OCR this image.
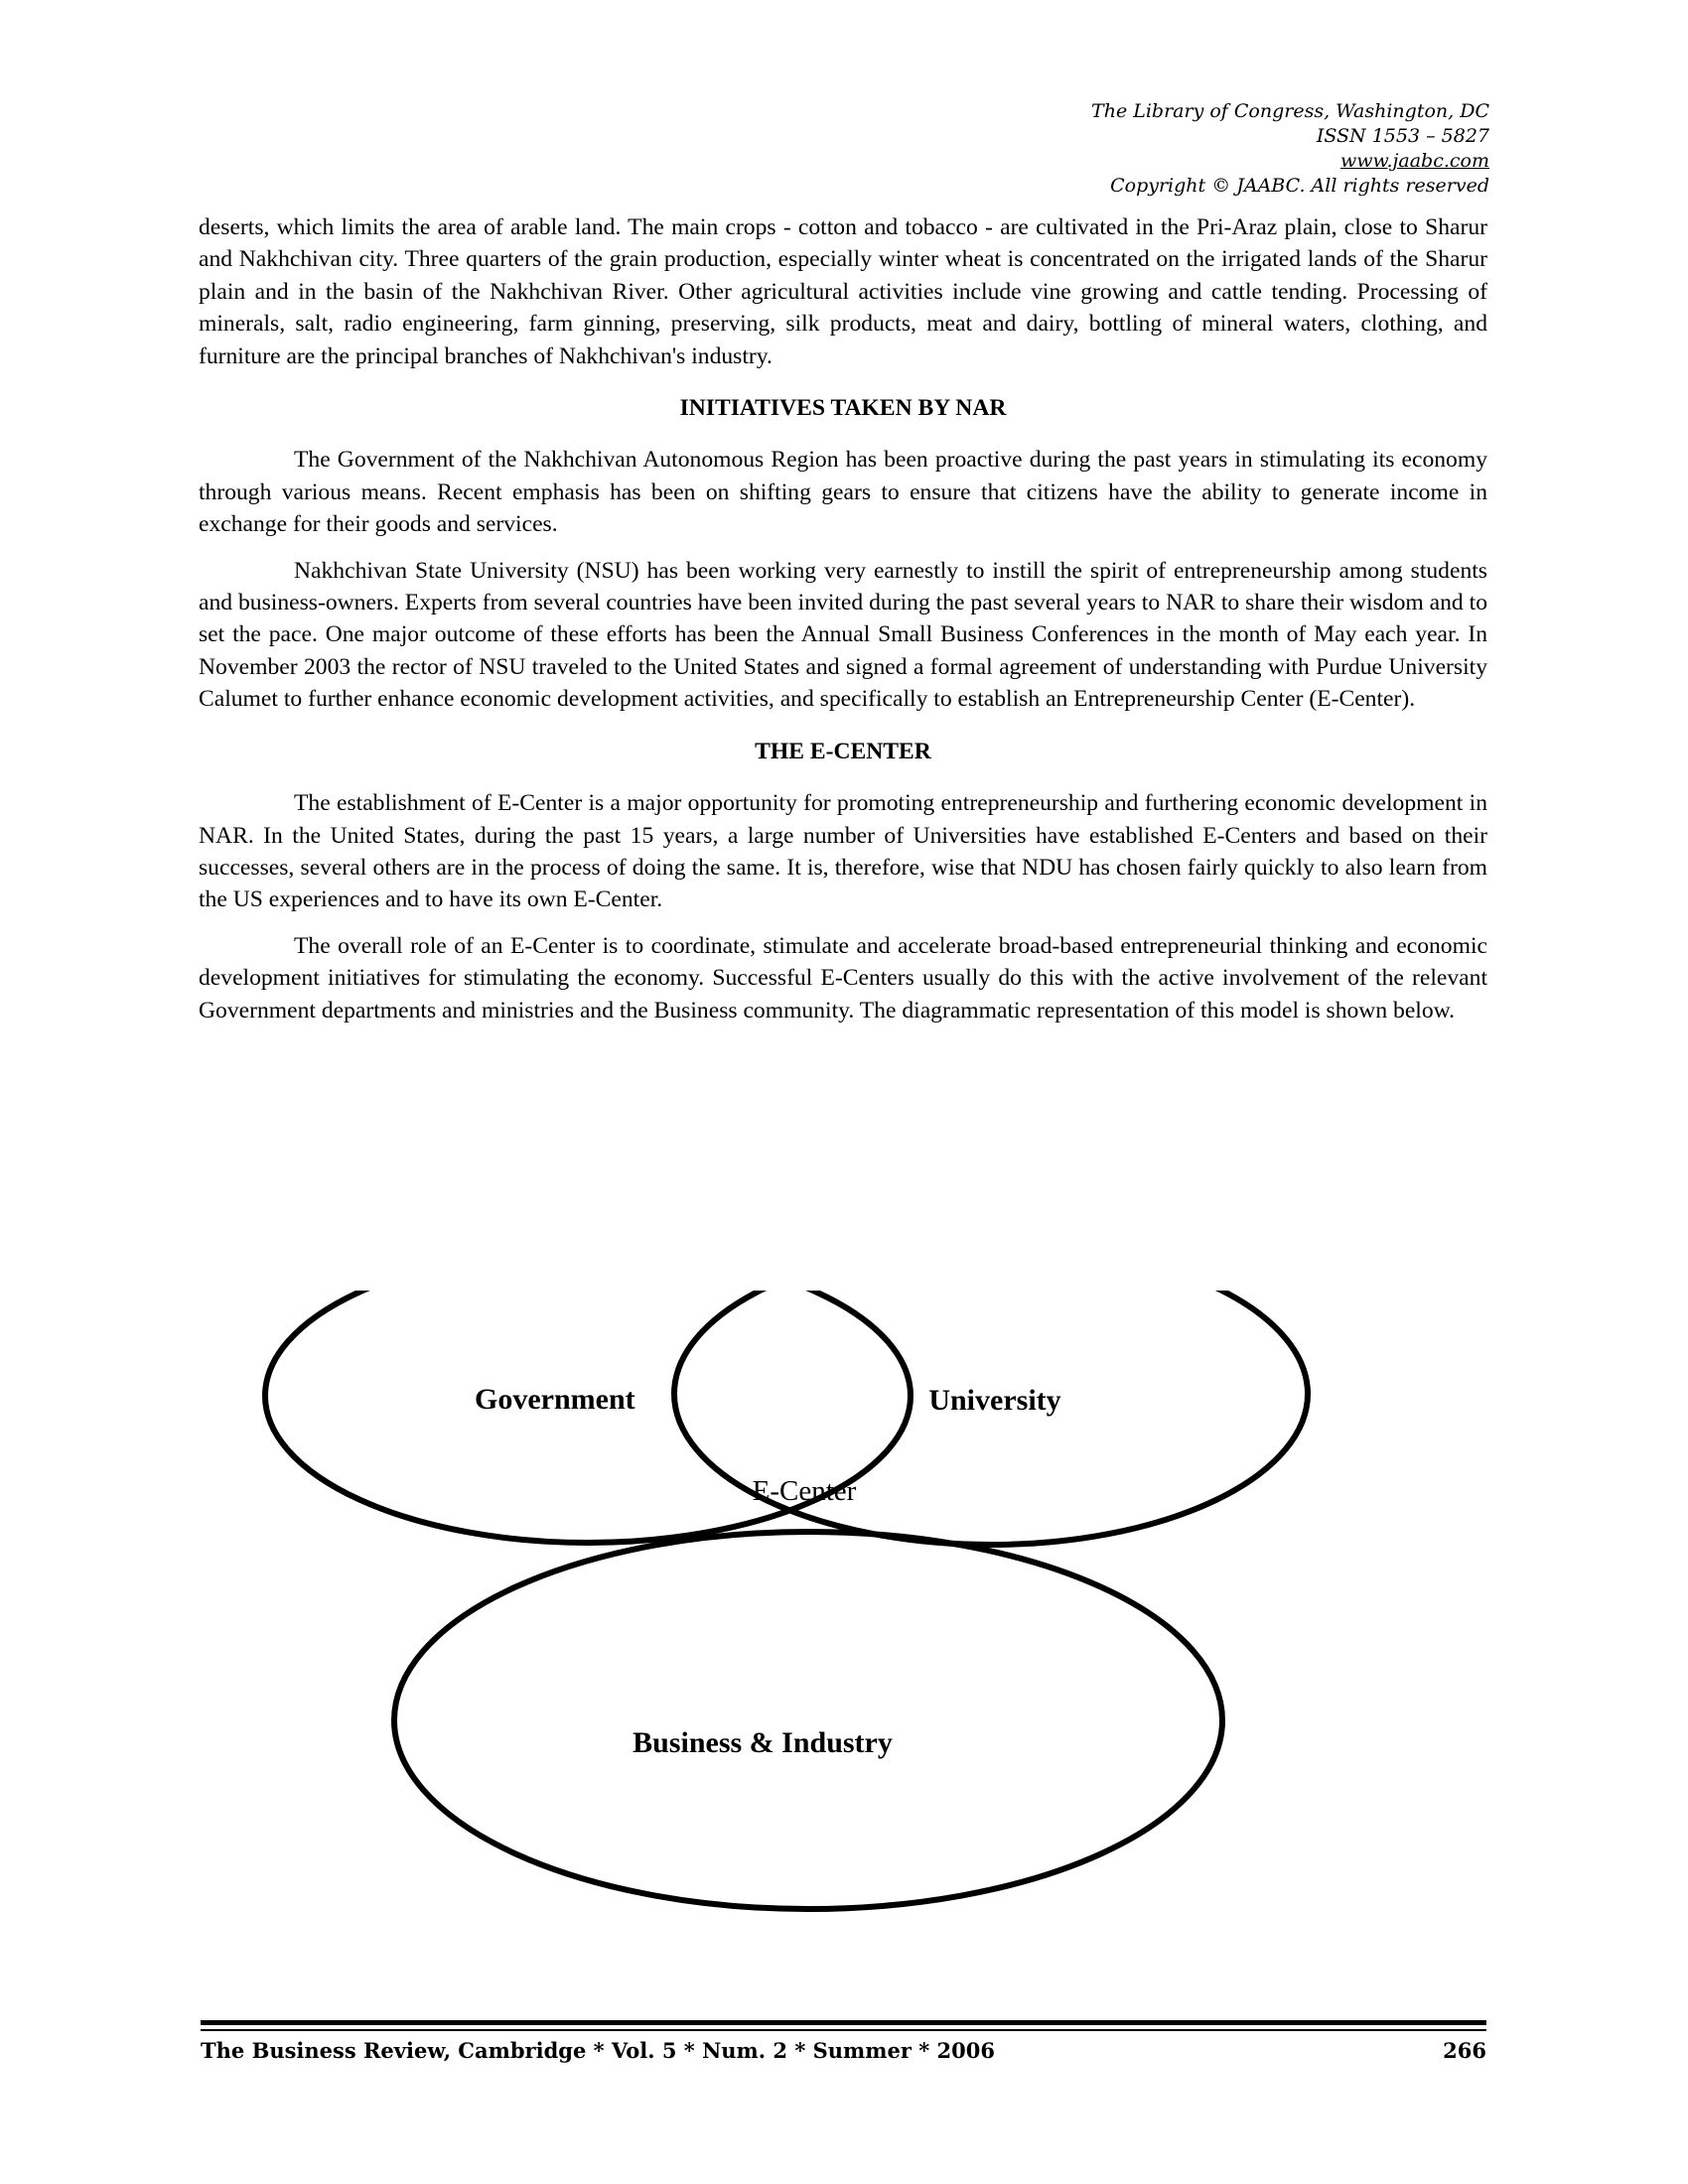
The Library of Congress, Washington, DC
ISSN 1553 – 5827
www.jaabc.com
Copyright © JAABC. All rights reserved

deserts, which limits the area of arable land. The main crops - cotton and tobacco - are cultivated in the Pri-Araz plain, close to Sharur and Nakhchivan city. Three quarters of the grain production, especially winter wheat is concentrated on the irrigated lands of the Sharur plain and in the basin of the Nakhchivan River. Other agricultural activities include vine growing and cattle tending. Processing of minerals, salt, radio engineering, farm ginning, preserving, silk products, meat and dairy, bottling of mineral waters, clothing, and furniture are the principal branches of Nakhchivan's industry.

INITIATIVES TAKEN BY NAR

The Government of the Nakhchivan Autonomous Region has been proactive during the past years in stimulating its economy through various means. Recent emphasis has been on shifting gears to ensure that citizens have the ability to generate income in exchange for their goods and services.

Nakhchivan State University (NSU) has been working very earnestly to instill the spirit of entrepreneurship among students and business-owners. Experts from several countries have been invited during the past several years to NAR to share their wisdom and to set the pace. One major outcome of these efforts has been the Annual Small Business Conferences in the month of May each year. In November 2003 the rector of NSU traveled to the United States and signed a formal agreement of understanding with Purdue University Calumet to further enhance economic development activities, and specifically to establish an Entrepreneurship Center (E-Center).

THE E-CENTER

The establishment of E-Center is a major opportunity for promoting entrepreneurship and furthering economic development in NAR. In the United States, during the past 15 years, a large number of Universities have established E-Centers and based on their successes, several others are in the process of doing the same. It is, therefore, wise that NDU has chosen fairly quickly to also learn from the US experiences and to have its own E-Center.

The overall role of an E-Center is to coordinate, stimulate and accelerate broad-based entrepreneurial thinking and economic development initiatives for stimulating the economy. Successful E-Centers usually do this with the active involvement of the relevant Government departments and ministries and the Business community. The diagrammatic representation of this model is shown below.

Government	University
E-Center
Business & Industry
The Business Review, Cambridge * Vol. 5 * Num. 2 * Summer * 2006	266
